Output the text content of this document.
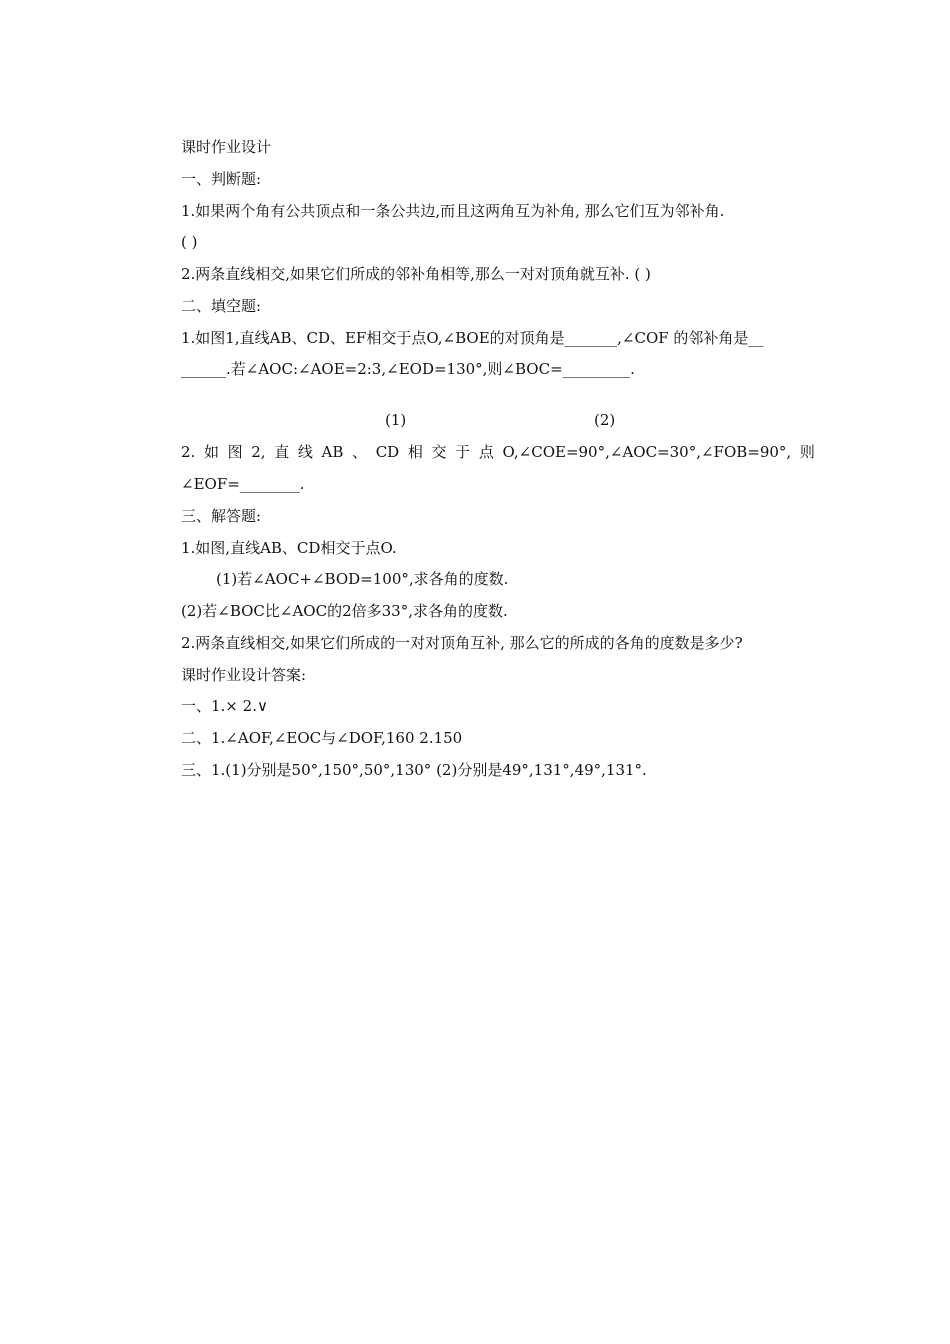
课时作业设计

一、判断题:

1.如果两个角有公共顶点和一条公共边,而且这两角互为补角, 那么它们互为邻补角.

( )

2.两条直线相交,如果它们所成的邻补角相等,那么一对对顶角就互补. ( )

二、填空题:

1.如图1,直线AB、CD、EF相交于点O,∠BOE的对顶角是_______,∠COF 的邻补角是__

______.若∠AOC:∠AOE=2:3,∠EOD=130°,则∠BOC=_________.

(1)	(2)

2. 如 图 2, 直 线 AB 、 CD 相 交 于 点 O,∠COE=90°,∠AOC=30°,∠FOB=90°, 则

∠EOF=________.

三、解答题:

1.如图,直线AB、CD相交于点O.

(1)若∠AOC+∠BOD=100°,求各角的度数.

(2)若∠BOC比∠AOC的2倍多33°,求各角的度数.

2.两条直线相交,如果它们所成的一对对顶角互补, 那么它的所成的各角的度数是多少?

课时作业设计答案:

一、1.× 2.∨

二、1.∠AOF,∠EOC与∠DOF,160 2.150

三、1.(1)分别是50°,150°,50°,130° (2)分别是49°,131°,49°,131°.
